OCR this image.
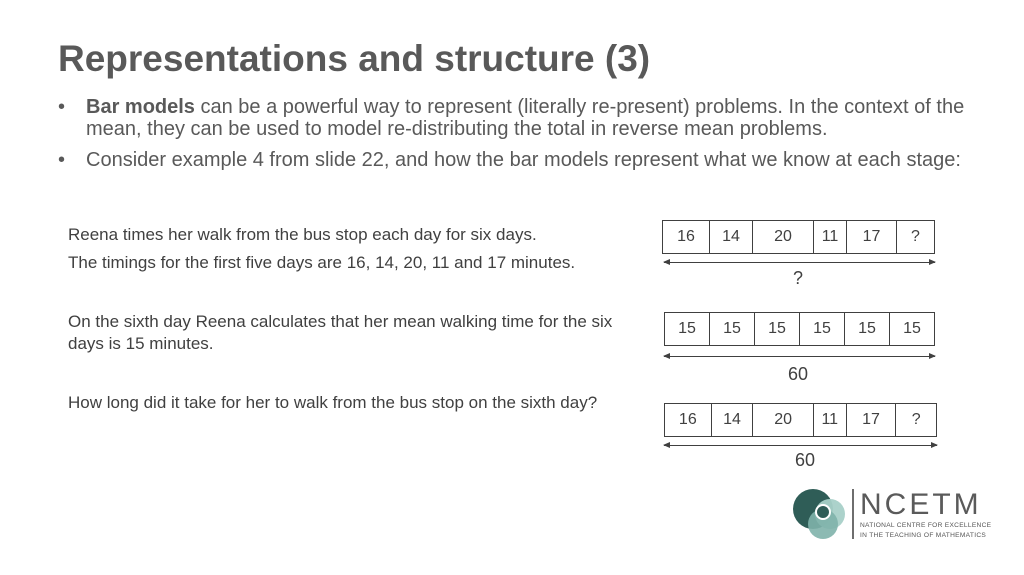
Representations and structure (3)
• Bar models can be a powerful way to represent (literally re-present) problems. In the context of the mean, they can be used to model re-distributing the total in reverse mean problems.
• Consider example 4 from slide 22, and how the bar models represent what we know at each stage:

Reena times her walk from the bus stop each day for six days.

The timings for the first five days are 16, 14, 20, 11 and 17 minutes.

On the sixth day Reena calculates that her mean walking time for the six days is 15 minutes.

How long did it take for her to walk from the bus stop on the sixth day?

16	14	20	11	17	?
?
15	15	15	15	15	15
60
16	14	20	11	17	?
60
NCETM
NATIONAL CENTRE FOR EXCELLENCE
IN THE TEACHING OF MATHEMATICS
